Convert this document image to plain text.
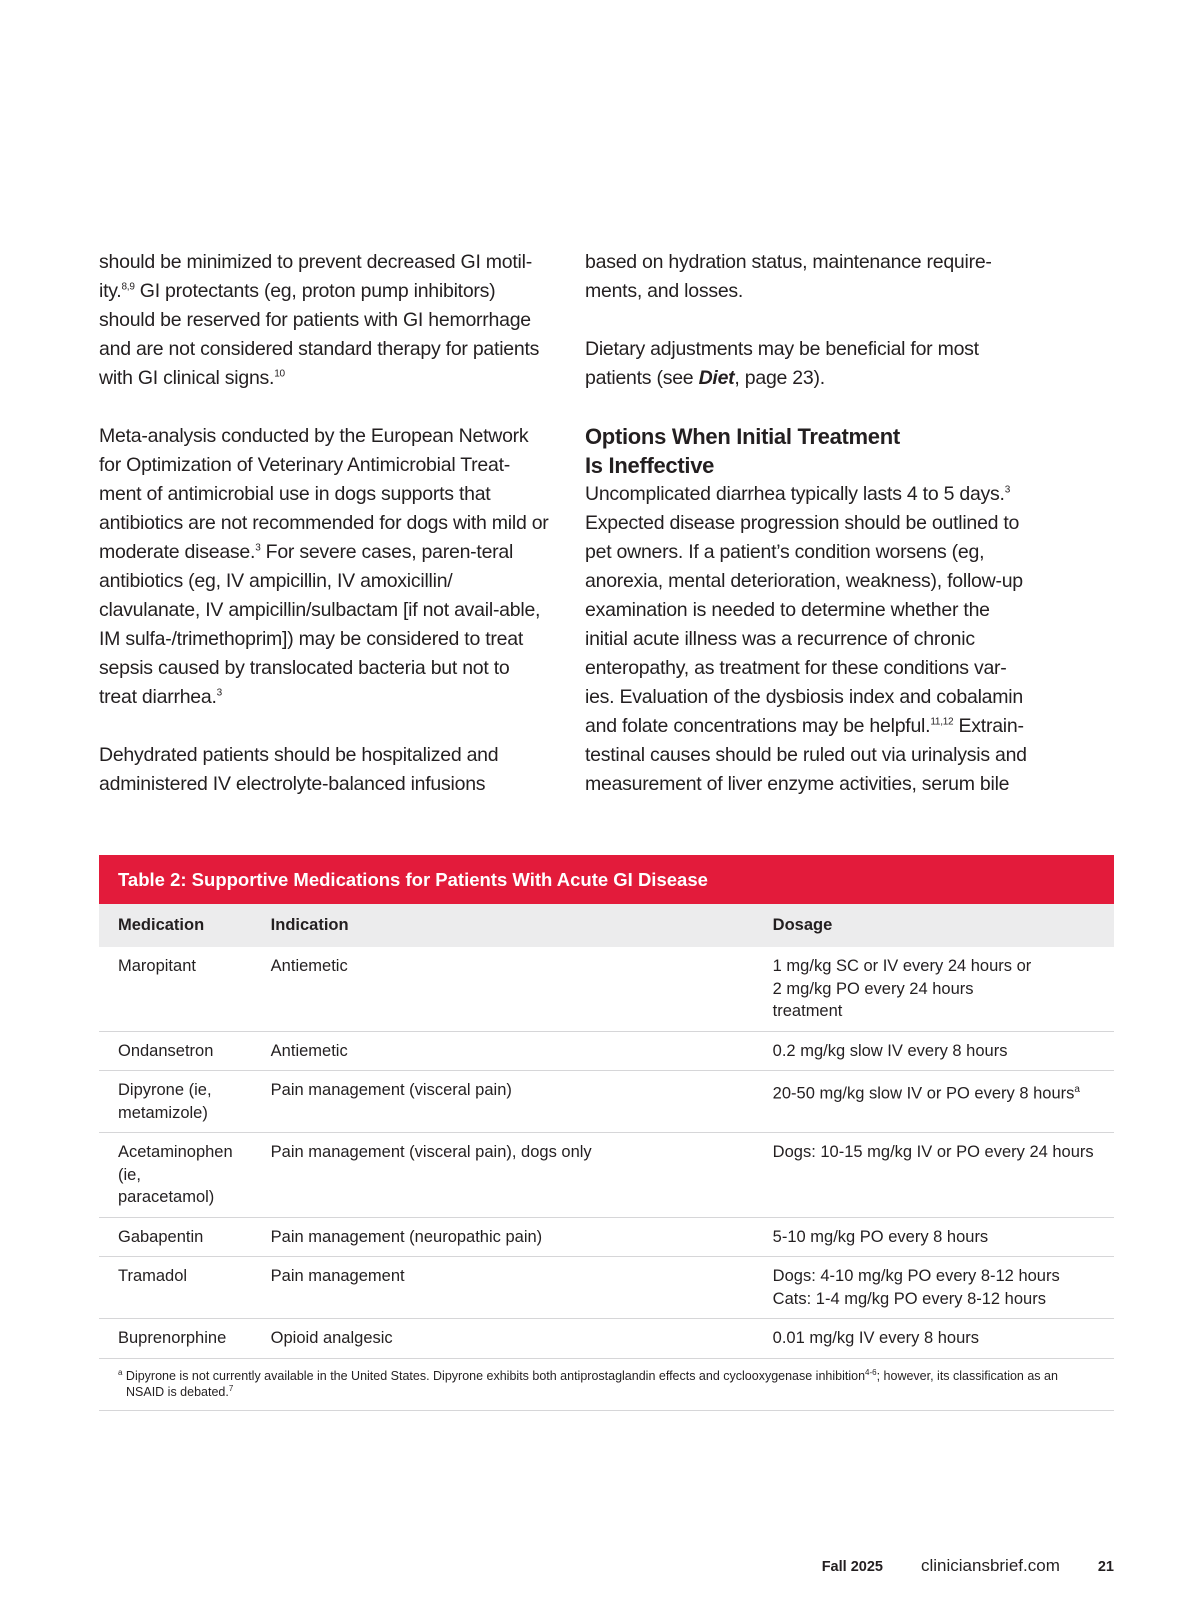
should be minimized to prevent decreased GI motil-ity.$^{8,9}$ GI protectants (eg, proton pump inhibitors) should be reserved for patients with GI hemorrhage and are not considered standard therapy for patients with GI clinical signs.$^{10}$

Meta-analysis conducted by the European Network for Optimization of Veterinary Antimicrobial Treat-ment of antimicrobial use in dogs supports that antibiotics are not recommended for dogs with mild or moderate disease.$^3$ For severe cases, paren-teral antibiotics (eg, IV ampicillin, IV amoxicillin/ clavulanate, IV ampicillin/sulbactam [if not avail-able, IM sulfa-/trimethoprim]) may be considered to treat sepsis caused by translocated bacteria but not to treat diarrhea.$^3$

Dehydrated patients should be hospitalized and administered IV electrolyte-balanced infusions

based on hydration status, maintenance require-ments, and losses.

Dietary adjustments may be beneficial for most patients (see Diet, page 23).

Options When Initial Treatment
Is Ineffective

Uncomplicated diarrhea typically lasts 4 to 5 days.$^3$ Expected disease progression should be outlined to pet owners. If a patient’s condition worsens (eg, anorexia, mental deterioration, weakness), follow-up examination is needed to determine whether the initial acute illness was a recurrence of chronic enteropathy, as treatment for these conditions var-ies. Evaluation of the dysbiosis index and cobalamin and folate concentrations may be helpful.$^{11,12}$ Extrain-testinal causes should be ruled out via urinalysis and measurement of liver enzyme activities, serum bile

Table 2: Supportive Medications for Patients With Acute GI Disease
Medication	Indication	Dosage
Maropitant	Antiemetic	1 mg/kg SC or IV every 24 hours or
2 mg/kg PO every 24 hours
treatment

Ondansetron	Antiemetic	0.2 mg/kg slow IV every 8 hours
Dipyrone (ie, metamizole)	Pain management (visceral pain)	20-50 mg/kg slow IV or PO every 8 hours$^a$
Acetaminophen (ie, paracetamol)	Pain management (visceral pain), dogs only	Dogs: 10-15 mg/kg IV or PO every 24 hours
Gabapentin	Pain management (neuropathic pain)	5-10 mg/kg PO every 8 hours
Tramadol	Pain management	Dogs: 4-10 mg/kg PO every 8-12 hours
Cats: 1-4 mg/kg PO every 8-12 hours

Buprenorphine	Opioid analgesic	0.01 mg/kg IV every 8 hours
$^a$ Dipyrone is not currently available in the United States. Dipyrone exhibits both antiprostaglandin effects and cyclooxygenase inhibition$^{4-6}$; however, its classification as an NSAID is debated.$^7$
Fall 2025 cliniciansbrief.com	21
